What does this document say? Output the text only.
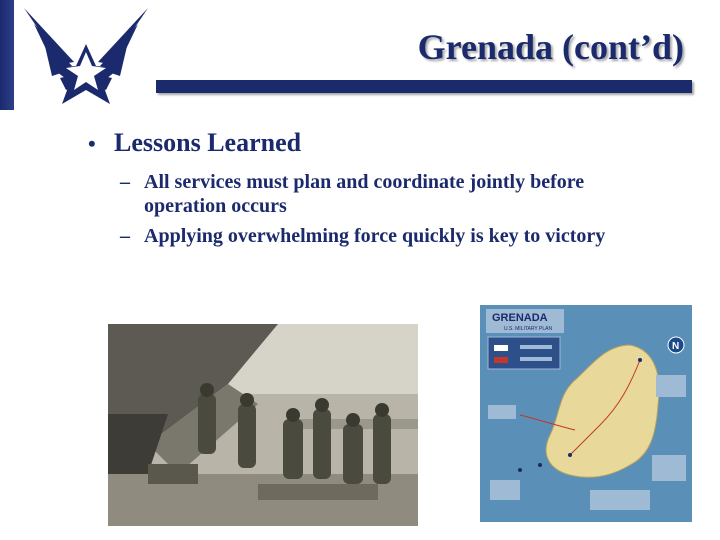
Grenada (cont’d)
• Lessons Learned
– All services must plan and coordinate jointly before operation occurs
– Applying overwhelming force quickly is key to victory
GRENADA
U.S. MILITARY PLAN
N
